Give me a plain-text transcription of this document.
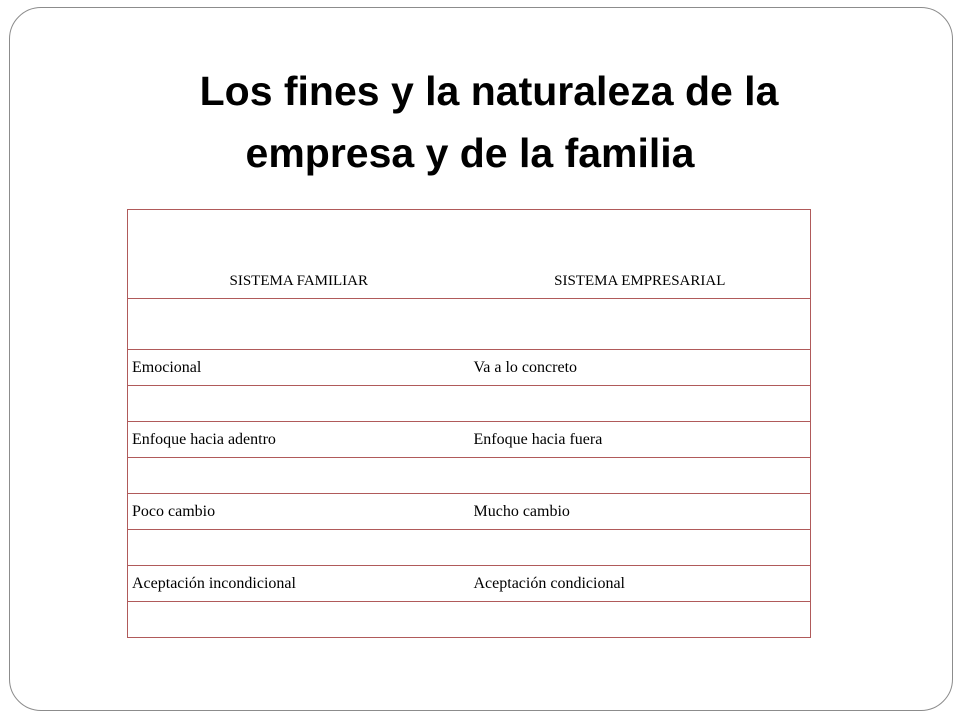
Los fines y la naturaleza de la
empresa y de la familia
SISTEMA FAMILIAR	SISTEMA EMPRESARIAL

Emocional	Va a lo concreto

Enfoque hacia adentro	Enfoque hacia fuera

Poco cambio	Mucho cambio

Aceptación incondicional	Aceptación condicional
